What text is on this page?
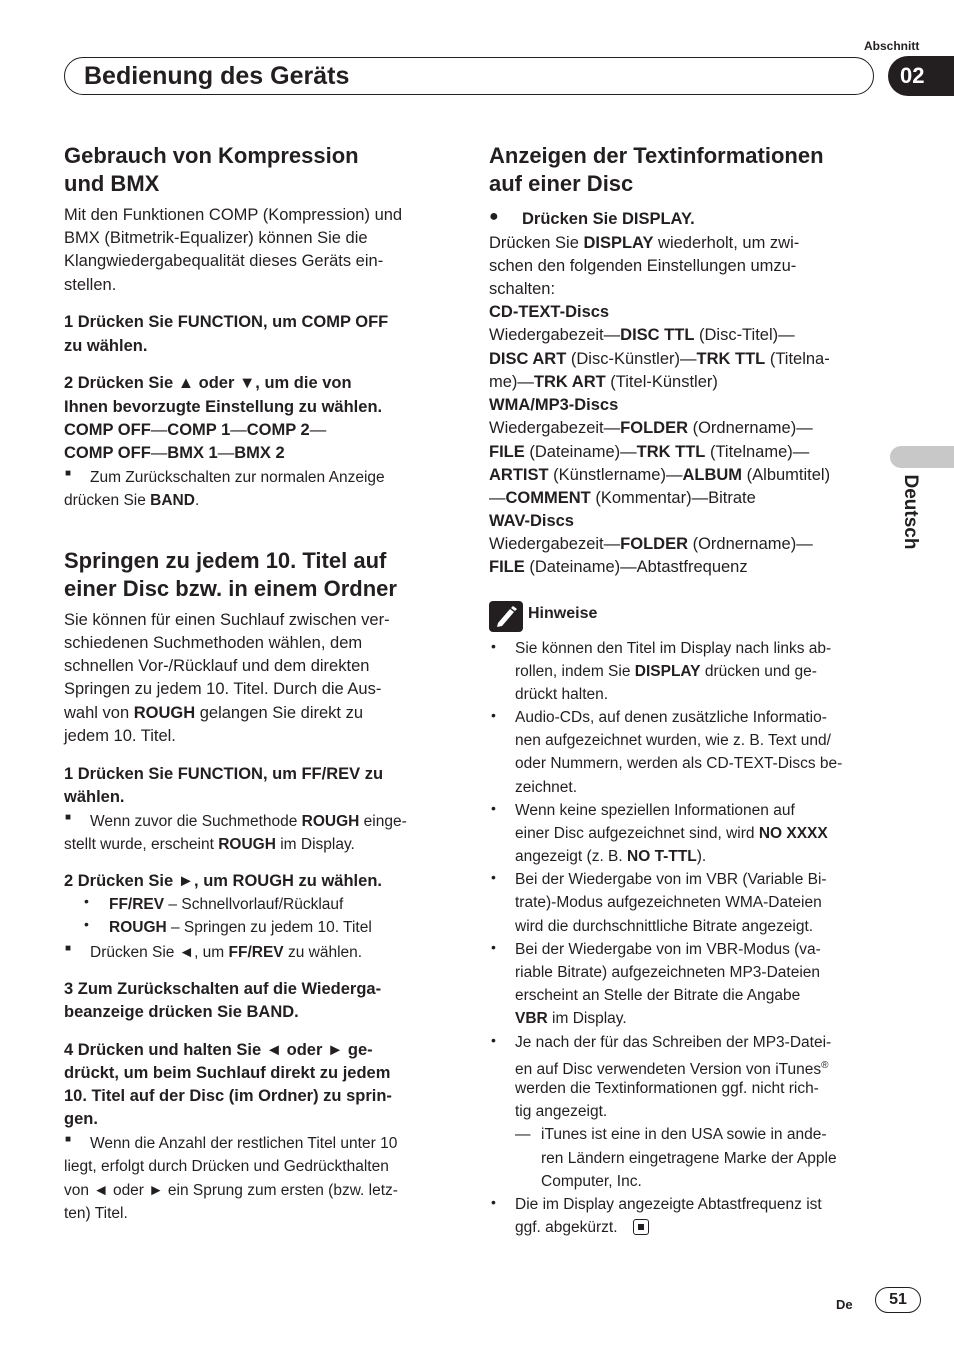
Abschnitt
Bedienung des Geräts	02
Deutsch
Gebrauch von Kompression
und BMX
Mit den Funktionen COMP (Kompression) und
BMX (Bitmetrik-Equalizer) können Sie die
Klangwiedergabequalität dieses Geräts ein-
stellen.
1 Drücken Sie FUNCTION, um COMP OFF
zu wählen.
2 Drücken Sie ▲ oder ▼, um die von
Ihnen bevorzugte Einstellung zu wählen.
COMP OFF—COMP 1—COMP 2—
COMP OFF—BMX 1—BMX 2
■ Zum Zurückschalten zur normalen Anzeige
drücken Sie BAND.
Springen zu jedem 10. Titel auf
einer Disc bzw. in einem Ordner
Sie können für einen Suchlauf zwischen ver-
schiedenen Suchmethoden wählen, dem
schnellen Vor-/Rücklauf und dem direkten
Springen zu jedem 10. Titel. Durch die Aus-
wahl von ROUGH gelangen Sie direkt zu
jedem 10. Titel.
1 Drücken Sie FUNCTION, um FF/REV zu
wählen.
■ Wenn zuvor die Suchmethode ROUGH einge-
stellt wurde, erscheint ROUGH im Display.
2 Drücken Sie ►, um ROUGH zu wählen.
• FF/REV – Schnellvorlauf/Rücklauf
• ROUGH – Springen zu jedem 10. Titel
■ Drücken Sie ◄, um FF/REV zu wählen.
3 Zum Zurückschalten auf die Wiederga-
beanzeige drücken Sie BAND.
4 Drücken und halten Sie ◄ oder ► ge-
drückt, um beim Suchlauf direkt zu jedem
10. Titel auf der Disc (im Ordner) zu sprin-
gen.
■ Wenn die Anzahl der restlichen Titel unter 10
liegt, erfolgt durch Drücken und Gedrückthalten
von ◄ oder ► ein Sprung zum ersten (bzw. letz-
ten) Titel.
Anzeigen der Textinformationen
auf einer Disc
● Drücken Sie DISPLAY.
Drücken Sie DISPLAY wiederholt, um zwi-
schen den folgenden Einstellungen umzu-
schalten:
CD-TEXT-Discs
Wiedergabezeit—DISC TTL (Disc-Titel)—
DISC ART (Disc-Künstler)—TRK TTL (Titelna-
me)—TRK ART (Titel-Künstler)
WMA/MP3-Discs
Wiedergabezeit—FOLDER (Ordnername)—
FILE (Dateiname)—TRK TTL (Titelname)—
ARTIST (Künstlername)—ALBUM (Albumtitel)
—COMMENT (Kommentar)—Bitrate
WAV-Discs
Wiedergabezeit—FOLDER (Ordnername)—
FILE (Dateiname)—Abtastfrequenz
Hinweise
• Sie können den Titel im Display nach links ab-
rollen, indem Sie DISPLAY drücken und ge-
drückt halten.
• Audio-CDs, auf denen zusätzliche Informatio-
nen aufgezeichnet wurden, wie z. B. Text und/
oder Nummern, werden als CD-TEXT-Discs be-
zeichnet.
• Wenn keine speziellen Informationen auf
einer Disc aufgezeichnet sind, wird NO XXXX
angezeigt (z. B. NO T-TTL).
• Bei der Wiedergabe von im VBR (Variable Bi-
trate)-Modus aufgezeichneten WMA-Dateien
wird die durchschnittliche Bitrate angezeigt.
• Bei der Wiedergabe von im VBR-Modus (va-
riable Bitrate) aufgezeichneten MP3-Dateien
erscheint an Stelle der Bitrate die Angabe
VBR im Display.
• Je nach der für das Schreiben der MP3-Datei-
en auf Disc verwendeten Version von iTunes®
werden die Textinformationen ggf. nicht rich-
tig angezeigt.
— iTunes ist eine in den USA sowie in ande-
ren Ländern eingetragene Marke der Apple
Computer, Inc.
• Die im Display angezeigte Abtastfrequenz ist
ggf. abgekürzt.
De	51
